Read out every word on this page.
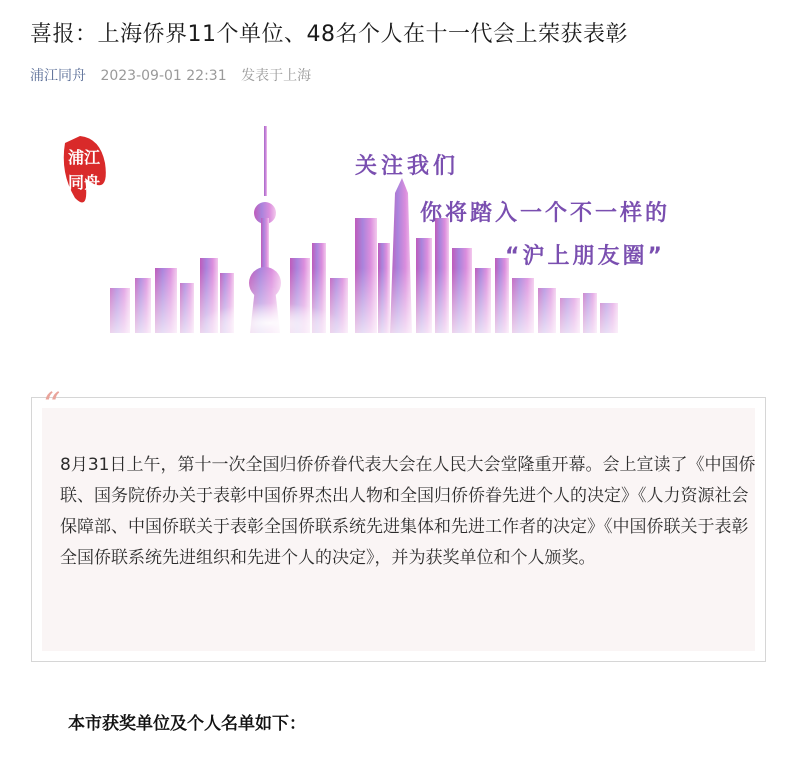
喜报：上海侨界11个单位、48名个人在十一代会上荣获表彰
浦江同舟 2023-09-01 22:31 发表于上海
浦江
同舟
关注我们
你将踏入一个不一样的
“沪上朋友圈”
“

8月31日上午，第十一次全国归侨侨眷代表大会在人民大会堂隆重开幕。会上宣读了《中国侨联、国务院侨办关于表彰中国侨界杰出人物和全国归侨侨眷先进个人的决定》《人力资源社会保障部、中国侨联关于表彰全国侨联系统先进集体和先进工作者的决定》《中国侨联关于表彰全国侨联系统先进组织和先进个人的决定》，并为获奖单位和个人颁奖。

本市获奖单位及个人名单如下：
